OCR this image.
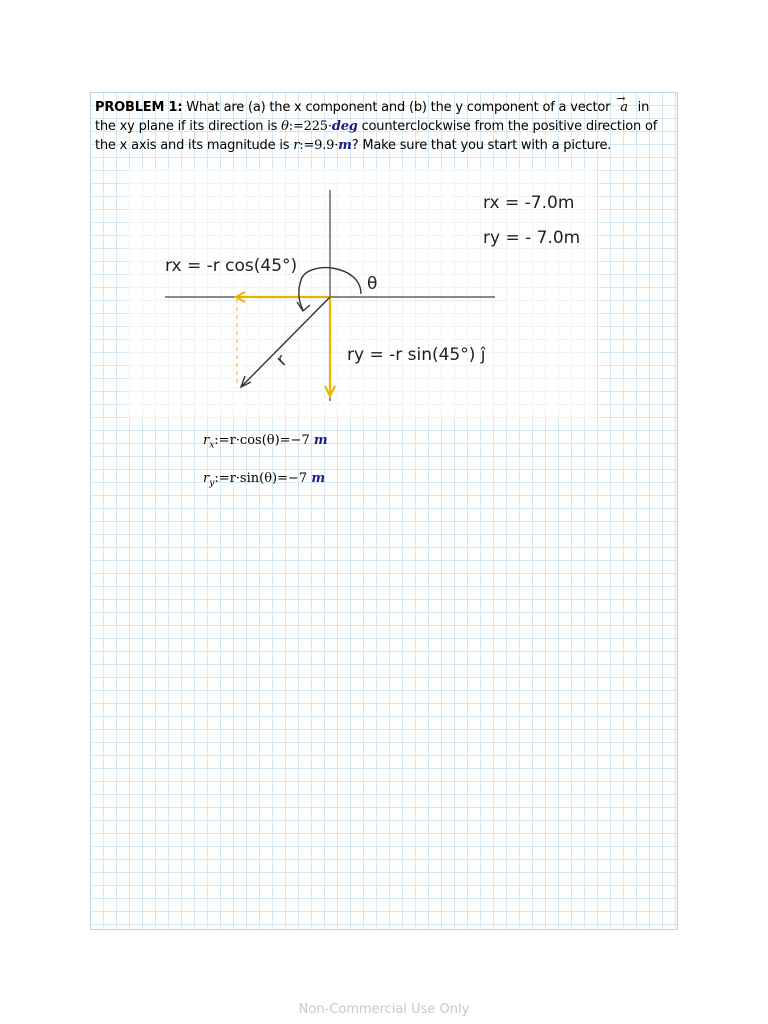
PROBLEM 1: What are (a) the x component and (b) the y component of a vector
→
a in the xy plane if its direction is θ:=225·deg counterclockwise from the positive direction of the x axis and its magnitude is r:=9.9·m? Make sure that you start with a picture.
θ
r
rx = -r cos(45°)
ry = -r sin(45°) ĵ
rx = -7.0m
ry = - 7.0m
$r_x:=r\cdot\cos(\theta)=-7$ m
$r_y:=r\cdot\sin(\theta)=-7$ m
Non-Commercial Use Only
